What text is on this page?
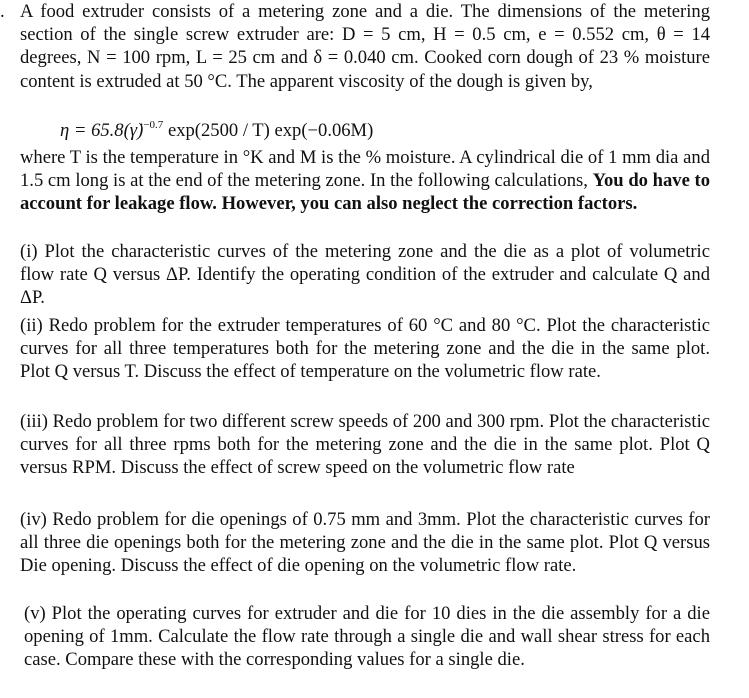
. A food extruder consists of a metering zone and a die. The dimensions of the metering section of the single screw extruder are: D = 5 cm, H = 0.5 cm, e = 0.552 cm, θ = 14 degrees, N = 100 rpm, L = 25 cm and δ = 0.040 cm. Cooked corn dough of 23 % moisture content is extruded at 50 °C. The apparent viscosity of the dough is given by,
η = 65.8(γ̇)$^{-0.7}$ exp(2500 / T) exp(−0.06M)
where T is the temperature in °K and M is the % moisture. A cylindrical die of 1 mm dia and 1.5 cm long is at the end of the metering zone. In the following calculations, You do have to account for leakage flow. However, you can also neglect the correction factors.
(i) Plot the characteristic curves of the metering zone and the die as a plot of volumetric flow rate Q versus ΔP. Identify the operating condition of the extruder and calculate Q and ΔP.
(ii) Redo problem for the extruder temperatures of 60 °C and 80 °C. Plot the characteristic curves for all three temperatures both for the metering zone and the die in the same plot. Plot Q versus T. Discuss the effect of temperature on the volumetric flow rate.
(iii) Redo problem for two different screw speeds of 200 and 300 rpm. Plot the characteristic curves for all three rpms both for the metering zone and the die in the same plot. Plot Q versus RPM. Discuss the effect of screw speed on the volumetric flow rate
(iv) Redo problem for die openings of 0.75 mm and 3mm. Plot the characteristic curves for all three die openings both for the metering zone and the die in the same plot. Plot Q versus Die opening. Discuss the effect of die opening on the volumetric flow rate.
(v) Plot the operating curves for extruder and die for 10 dies in the die assembly for a die opening of 1mm. Calculate the flow rate through a single die and wall shear stress for each case. Compare these with the corresponding values for a single die.
